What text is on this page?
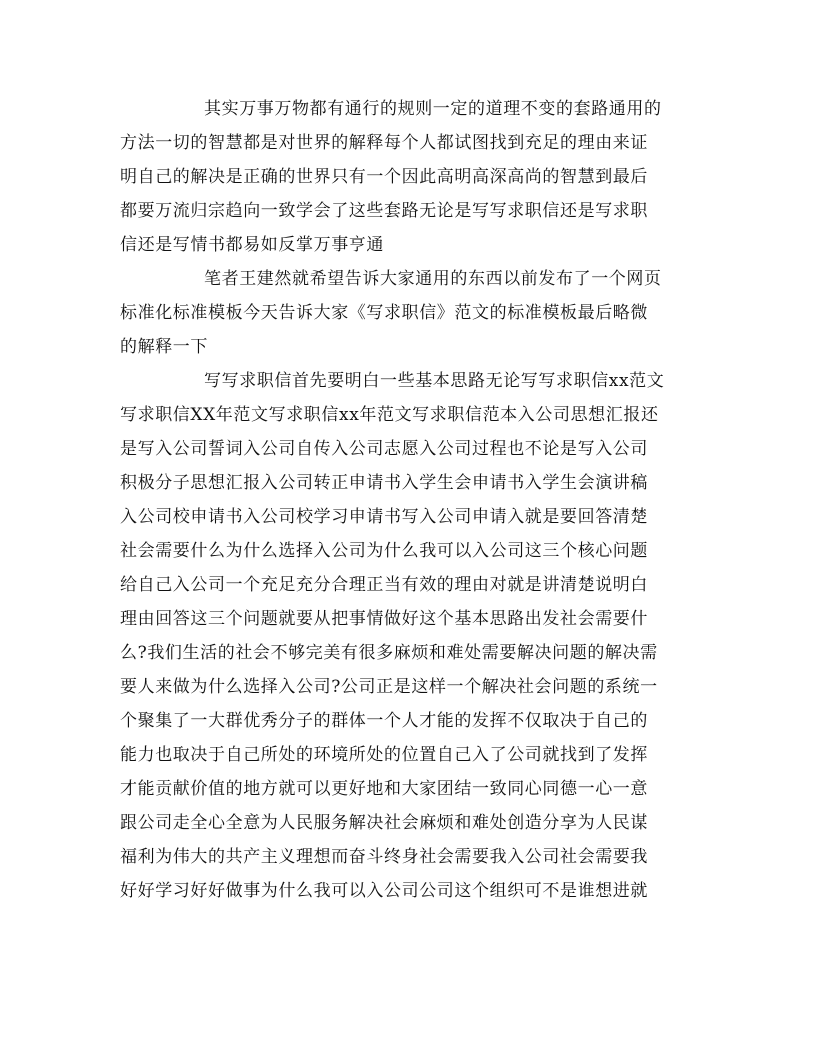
其实万事万物都有通行的规则一定的道理不变的套路通用的
方法一切的智慧都是对世界的解释每个人都试图找到充足的理由来证
明自己的解决是正确的世界只有一个因此高明高深高尚的智慧到最后
都要万流归宗趋向一致学会了这些套路无论是写写求职信还是写求职
信还是写情书都易如反掌万事亨通
笔者王建然就希望告诉大家通用的东西以前发布了一个网页
标准化标准模板今天告诉大家《写求职信》范文的标准模板最后略微
的解释一下
写写求职信首先要明白一些基本思路无论写写求职信xx范文
写求职信XX年范文写求职信xx年范文写求职信范本入公司思想汇报还
是写入公司誓词入公司自传入公司志愿入公司过程也不论是写入公司
积极分子思想汇报入公司转正申请书入学生会申请书入学生会演讲稿
入公司校申请书入公司校学习申请书写入公司申请入就是要回答清楚
社会需要什么为什么选择入公司为什么我可以入公司这三个核心问题
给自己入公司一个充足充分合理正当有效的理由对就是讲清楚说明白
理由回答这三个问题就要从把事情做好这个基本思路出发社会需要什
么?我们生活的社会不够完美有很多麻烦和难处需要解决问题的解决需
要人来做为什么选择入公司?公司正是这样一个解决社会问题的系统一
个聚集了一大群优秀分子的群体一个人才能的发挥不仅取决于自己的
能力也取决于自己所处的环境所处的位置自己入了公司就找到了发挥
才能贡献价值的地方就可以更好地和大家团结一致同心同德一心一意
跟公司走全心全意为人民服务解决社会麻烦和难处创造分享为人民谋
福利为伟大的共产主义理想而奋斗终身社会需要我入公司社会需要我
好好学习好好做事为什么我可以入公司公司这个组织可不是谁想进就
